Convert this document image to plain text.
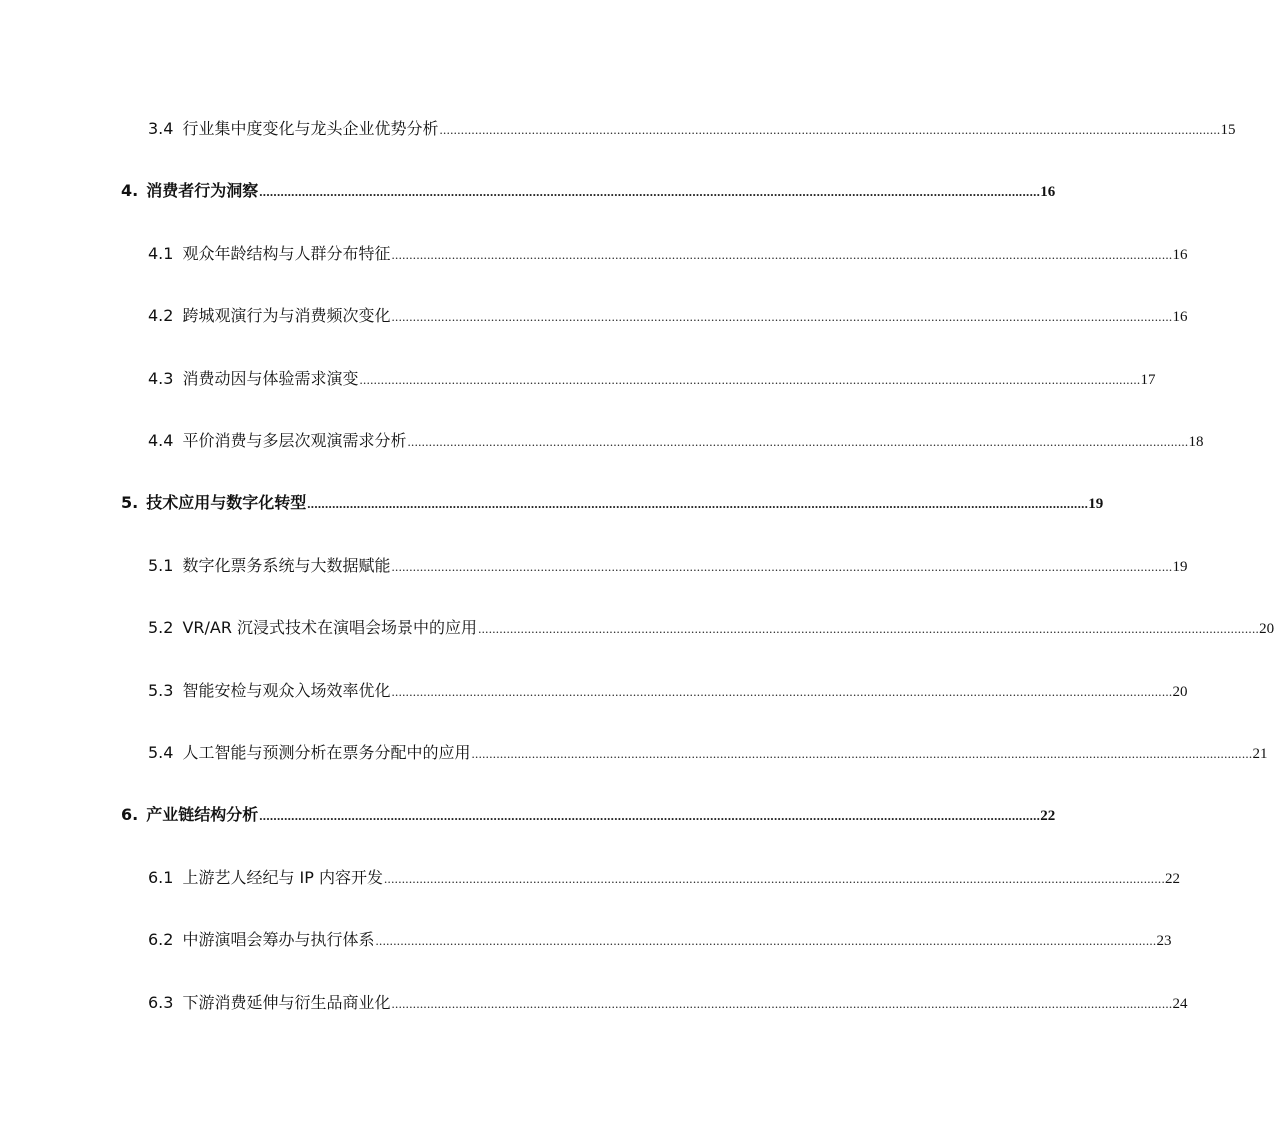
3.4 行业集中度变化与龙头企业优势分析 ............................................................................................................................................................................................................................ 15
4. 消费者行为洞察 ............................................................................................................................................................................................................................ 16
4.1 观众年龄结构与人群分布特征 ............................................................................................................................................................................................................................ 16
4.2 跨城观演行为与消费频次变化 ............................................................................................................................................................................................................................ 16
4.3 消费动因与体验需求演变 ............................................................................................................................................................................................................................ 17
4.4 平价消费与多层次观演需求分析 ............................................................................................................................................................................................................................ 18
5. 技术应用与数字化转型 ............................................................................................................................................................................................................................ 19
5.1 数字化票务系统与大数据赋能 ............................................................................................................................................................................................................................ 19
5.2 VR/AR 沉浸式技术在演唱会场景中的应用 ............................................................................................................................................................................................................................ 20
5.3 智能安检与观众入场效率优化 ............................................................................................................................................................................................................................ 20
5.4 人工智能与预测分析在票务分配中的应用 ............................................................................................................................................................................................................................ 21
6. 产业链结构分析 ............................................................................................................................................................................................................................ 22
6.1 上游艺人经纪与 IP 内容开发 ............................................................................................................................................................................................................................ 22
6.2 中游演唱会筹办与执行体系 ............................................................................................................................................................................................................................ 23
6.3 下游消费延伸与衍生品商业化 ............................................................................................................................................................................................................................ 24
